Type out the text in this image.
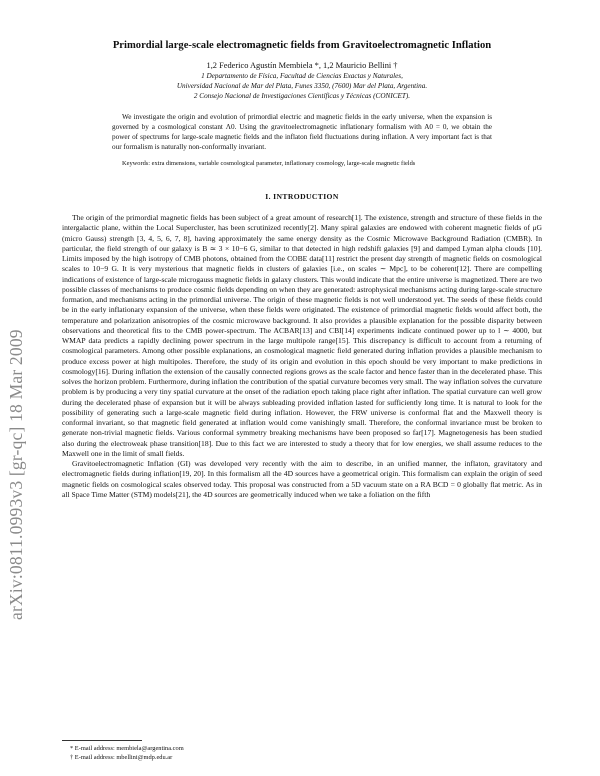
arXiv:0811.0993v3 [gr-qc] 18 Mar 2009
Primordial large-scale electromagnetic fields from Gravitoelectromagnetic Inflation
1,2 Federico Agustín Membiela *, 1,2 Mauricio Bellini †
1 Departamento de Física, Facultad de Ciencias Exactas y Naturales,
Universidad Nacional de Mar del Plata, Funes 3350, (7600) Mar del Plata, Argentina.
2 Consejo Nacional de Investigaciones Científicas y Técnicas (CONICET).

We investigate the origin and evolution of primordial electric and magnetic fields in the early universe, when the expansion is governed by a cosmological constant Λ0. Using the gravitoelectromagnetic inflationary formalism with A0 = 0, we obtain the power of spectrums for large-scale magnetic fields and the inflaton field fluctuations during inflation. A very important fact is that our formalism is naturally non-conformally invariant.

Keywords: extra dimensions, variable cosmological parameter, inflationary cosmology, large-scale magnetic fields
I. INTRODUCTION

The origin of the primordial magnetic fields has been subject of a great amount of research[1]. The existence, strength and structure of these fields in the intergalactic plane, within the Local Supercluster, has been scrutinized recently[2]. Many spiral galaxies are endowed with coherent magnetic fields of μG (micro Gauss) strength [3, 4, 5, 6, 7, 8], having approximately the same energy density as the Cosmic Microwave Background Radiation (CMBR). In particular, the field strength of our galaxy is B ≃ 3 × 10−6 G, similar to that detected in high redshift galaxies [9] and damped Lyman alpha clouds [10]. Limits imposed by the high isotropy of CMB photons, obtained from the COBE data[11] restrict the present day strength of magnetic fields on cosmological scales to 10−9 G. It is very mysterious that magnetic fields in clusters of galaxies [i.e., on scales ∼ Mpc], to be coherent[12]. There are compelling indications of existence of large-scale microgauss magnetic fields in galaxy clusters. This would indicate that the entire universe is magnetized. There are two possible classes of mechanisms to produce cosmic fields depending on when they are generated: astrophysical mechanisms acting during large-scale structure formation, and mechanisms acting in the primordial universe. The origin of these magnetic fields is not well understood yet. The seeds of these fields could be in the early inflationary expansion of the universe, when these fields were originated. The existence of primordial magnetic fields would affect both, the temperature and polarization anisotropies of the cosmic microwave background. It also provides a plausible explanation for the possible disparity between observations and theoretical fits to the CMB power-spectrum. The ACBAR[13] and CBI[14] experiments indicate continued power up to l ∼ 4000, but WMAP data predicts a rapidly declining power spectrum in the large multipole range[15]. This discrepancy is difficult to account from a returning of cosmological parameters. Among other possible explanations, an cosmological magnetic field generated during inflation provides a plausible mechanism to produce excess power at high multipoles. Therefore, the study of its origin and evolution in this epoch should be very important to make predictions in cosmology[16]. During inflation the extension of the causally connected regions grows as the scale factor and hence faster than in the decelerated phase. This solves the horizon problem. Furthermore, during inflation the contribution of the spatial curvature becomes very small. The way inflation solves the curvature problem is by producing a very tiny spatial curvature at the onset of the radiation epoch taking place right after inflation. The spatial curvature can well grow during the decelerated phase of expansion but it will be always subleading provided inflation lasted for sufficiently long time. It is natural to look for the possibility of generating such a large-scale magnetic field during inflation. However, the FRW universe is conformal flat and the Maxwell theory is conformal invariant, so that magnetic field generated at inflation would come vanishingly small. Therefore, the conformal invariance must be broken to generate non-trivial magnetic fields. Various conformal symmetry breaking mechanisms have been proposed so far[17]. Magnetogenesis has been studied also during the electroweak phase transition[18]. Due to this fact we are interested to study a theory that for low energies, we shall assume reduces to the Maxwell one in the limit of small fields.

Gravitoelectromagnetic Inflation (GI) was developed very recently with the aim to describe, in an unified manner, the inflaton, gravitatory and electromagnetic fields during inflation[19, 20]. In this formalism all the 4D sources have a geometrical origin. This formalism can explain the origin of seed magnetic fields on cosmological scales observed today. This proposal was constructed from a 5D vacuum state on a RA BCD = 0 globally flat metric. As in all Space Time Matter (STM) models[21], the 4D sources are geometrically induced when we take a foliation on the fifth

* E-mail address: membiela@argentina.com
† E-mail address: mbellini@mdp.edu.ar
